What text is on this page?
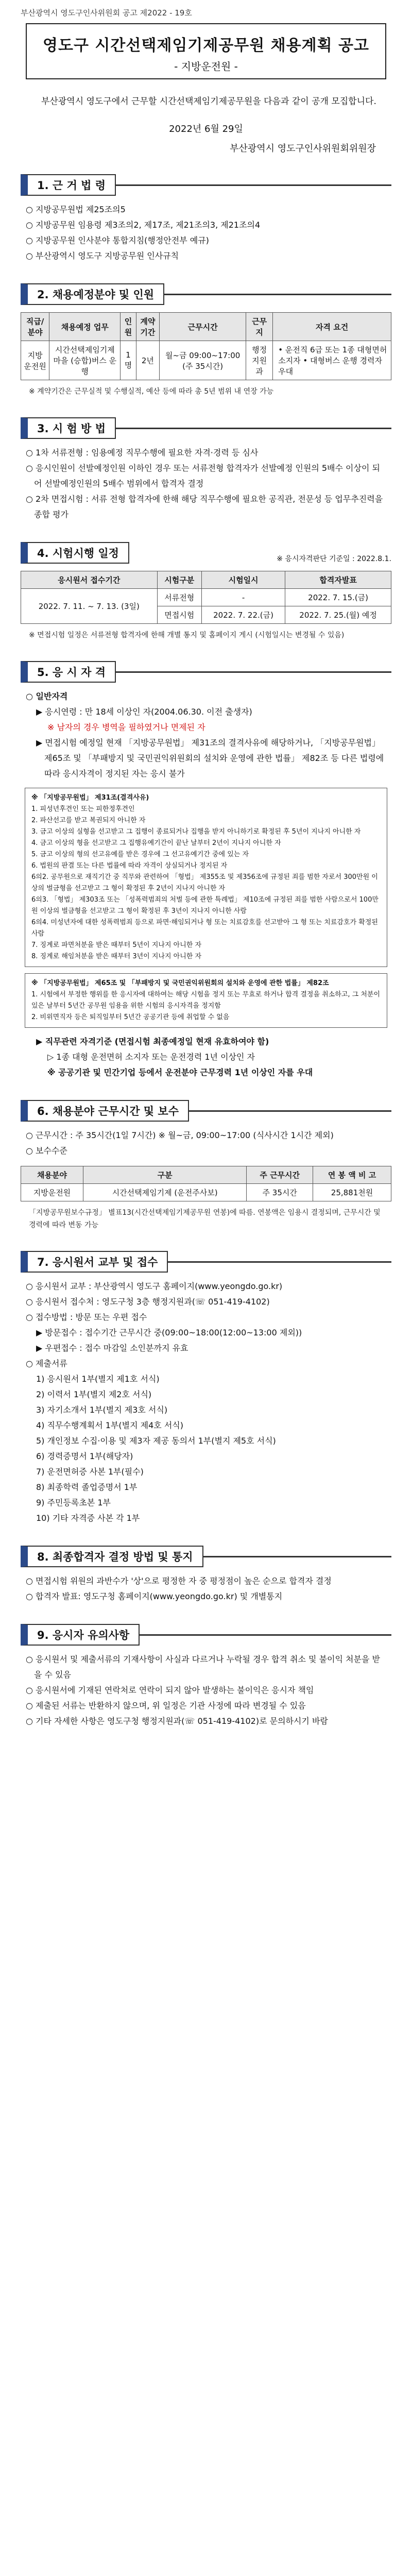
부산광역시 영도구인사위원회 공고 제2022 - 19호
영도구 시간선택제임기제공무원 채용계획 공고
- 지방운전원 -
부산광역시 영도구에서 근무할 시간선택제임기제공무원을 다음과 같이 공개 모집합니다.
2022년 6월 29일
부산광역시 영도구인사위원회위원장
1. 근 거 법 령
○ 지방공무원법 제25조의5
○ 지방공무원 임용령 제3조의2, 제17조, 제21조의3, 제21조의4
○ 지방공무원 인사분야 통합지침(행정안전부 예규)
○ 부산광역시 영도구 지방공무원 인사규칙
2. 채용예정분야 및 인원
직급/분야	채용예정 업무	인원	계약 기간	근무시간	근무지	자격 요건
지방 운전원	시간선택제임기제 마을 (승합)버스 운행	1명	2년	월~금 09:00~17:00 (주 35시간)	행정 지원과	• 운전직 6급 또는 1종 대형면허 소지자 • 대형버스 운행 경력자 우대
※ 계약기간은 근무실적 및 수행실적, 예산 등에 따라 총 5년 범위 내 연장 가능
3. 시 험 방 법
○ 1차 서류전형 : 임용예정 직무수행에 필요한 자격·경력 등 심사
○ 응시인원이 선발예정인원 이하인 경우 또는 서류전형 합격자가 선발예정 인원의 5배수 이상이 되어 선발예정인원의 5배수 범위에서 합격자 결정
○ 2차 면접시험 : 서류 전형 합격자에 한해 해당 직무수행에 필요한 공직관, 전문성 등 업무추진력을 종합 평가
4. 시험시행 일정	※ 응시자격판단 기준일 : 2022.8.1.
응시원서 접수기간	시험구분	시험일시	합격자발표
2022. 7. 11. ~ 7. 13. (3일)	서류전형	-	2022. 7. 15.(금)
	면접시험	2022. 7. 22.(금)	2022. 7. 25.(월) 예정
※ 면접시험 일정은 서류전형 합격자에 한해 개별 통지 및 홈페이지 게시 (시험일시는 변경될 수 있음)
5. 응 시 자 격
○ 일반자격
▶ 응시연령 : 만 18세 이상인 자(2004.06.30. 이전 출생자)
※ 남자의 경우 병역을 필하였거나 면제된 자
▶ 면접시험 예정일 현재 「지방공무원법」 제31조의 결격사유에 해당하거나, 「지방공무원법」 제65조 및 「부패방지 및 국민권익위원회의 설치와 운영에 관한 법률」 제82조 등 다른 법령에 따라 응시자격이 정지된 자는 응시 불가
※ 「지방공무원법」 제31조(결격사유)
1. 피성년후견인 또는 피한정후견인
2. 파산선고를 받고 복권되지 아니한 자
3. 금고 이상의 실형을 선고받고 그 집행이 종료되거나 집행을 받지 아니하기로 확정된 후 5년이 지나지 아니한 자
4. 금고 이상의 형을 선고받고 그 집행유예기간이 끝난 날부터 2년이 지나지 아니한 자
5. 금고 이상의 형의 선고유예를 받은 경우에 그 선고유예기간 중에 있는 자
6. 법원의 판결 또는 다른 법률에 따라 자격이 상실되거나 정지된 자
6의2. 공무원으로 재직기간 중 직무와 관련하여 「형법」 제355조 및 제356조에 규정된 죄를 범한 자로서 300만원 이상의 벌금형을 선고받고 그 형이 확정된 후 2년이 지나지 아니한 자
6의3. 「형법」 제303조 또는 「성폭력범죄의 처벌 등에 관한 특례법」 제10조에 규정된 죄를 범한 사람으로서 100만원 이상의 벌금형을 선고받고 그 형이 확정된 후 3년이 지나지 아니한 사람
6의4. 미성년자에 대한 성폭력범죄 등으로 파면·해임되거나 형 또는 치료감호를 선고받아 그 형 또는 치료감호가 확정된 사람
7. 징계로 파면처분을 받은 때부터 5년이 지나지 아니한 자
8. 징계로 해임처분을 받은 때부터 3년이 지나지 아니한 자
※ 「지방공무원법」 제65조 및 「부패방지 및 국민권익위원회의 설치와 운영에 관한 법률」 제82조
1. 시험에서 부정한 행위를 한 응시자에 대하여는 해당 시험을 정지 또는 무효로 하거나 합격 결정을 취소하고, 그 처분이 있은 날부터 5년간 공무원 임용을 위한 시험의 응시자격을 정지함
2. 비위면직자 등은 퇴직일부터 5년간 공공기관 등에 취업할 수 없음
▶ 직무관련 자격기준 (면접시험 최종예정일 현재 유효하여야 함)
▷ 1종 대형 운전면허 소지자 또는 운전경력 1년 이상인 자
※ 공공기관 및 민간기업 등에서 운전분야 근무경력 1년 이상인 자를 우대
6. 채용분야 근무시간 및 보수
○ 근무시간 : 주 35시간(1일 7시간) ※ 월~금, 09:00~17:00 (식사시간 1시간 제외)
○ 보수수준
채용분야	구분	주 근무시간	연 봉 액 비 고
지방운전원	시간선택제임기제 (운전주사보)	주 35시간	25,881천원
「지방공무원보수규정」 별표13(시간선택제임기제공무원 연봉)에 따름. 연봉액은 임용시 결정되며, 근무시간 및 경력에 따라 변동 가능
7. 응시원서 교부 및 접수
○ 응시원서 교부 : 부산광역시 영도구 홈페이지(www.yeongdo.go.kr)
○ 응시원서 접수처 : 영도구청 3층 행정지원과(☏ 051-419-4102)
○ 접수방법 : 방문 또는 우편 접수
▶ 방문접수 : 접수기간 근무시간 중(09:00~18:00(12:00~13:00 제외))
▶ 우편접수 : 접수 마감일 소인분까지 유효
○ 제출서류
1) 응시원서 1부(별지 제1호 서식)
2) 이력서 1부(별지 제2호 서식)
3) 자기소개서 1부(별지 제3호 서식)
4) 직무수행계획서 1부(별지 제4호 서식)
5) 개인정보 수집·이용 및 제3자 제공 동의서 1부(별지 제5호 서식)
6) 경력증명서 1부(해당자)
7) 운전면허증 사본 1부(필수)
8) 최종학력 졸업증명서 1부
9) 주민등록초본 1부
10) 기타 자격증 사본 각 1부
8. 최종합격자 결정 방법 및 통지
○ 면접시험 위원의 과반수가 '상'으로 평정한 자 중 평정점이 높은 순으로 합격자 결정
○ 합격자 발표: 영도구청 홈페이지(www.yeongdo.go.kr) 및 개별통지
9. 응시자 유의사항
○ 응시원서 및 제출서류의 기재사항이 사실과 다르거나 누락될 경우 합격 취소 및 불이익 처분을 받을 수 있음
○ 응시원서에 기재된 연락처로 연락이 되지 않아 발생하는 불이익은 응시자 책임
○ 제출된 서류는 반환하지 않으며, 위 일정은 기관 사정에 따라 변경될 수 있음
○ 기타 자세한 사항은 영도구청 행정지원과(☏ 051-419-4102)로 문의하시기 바람
